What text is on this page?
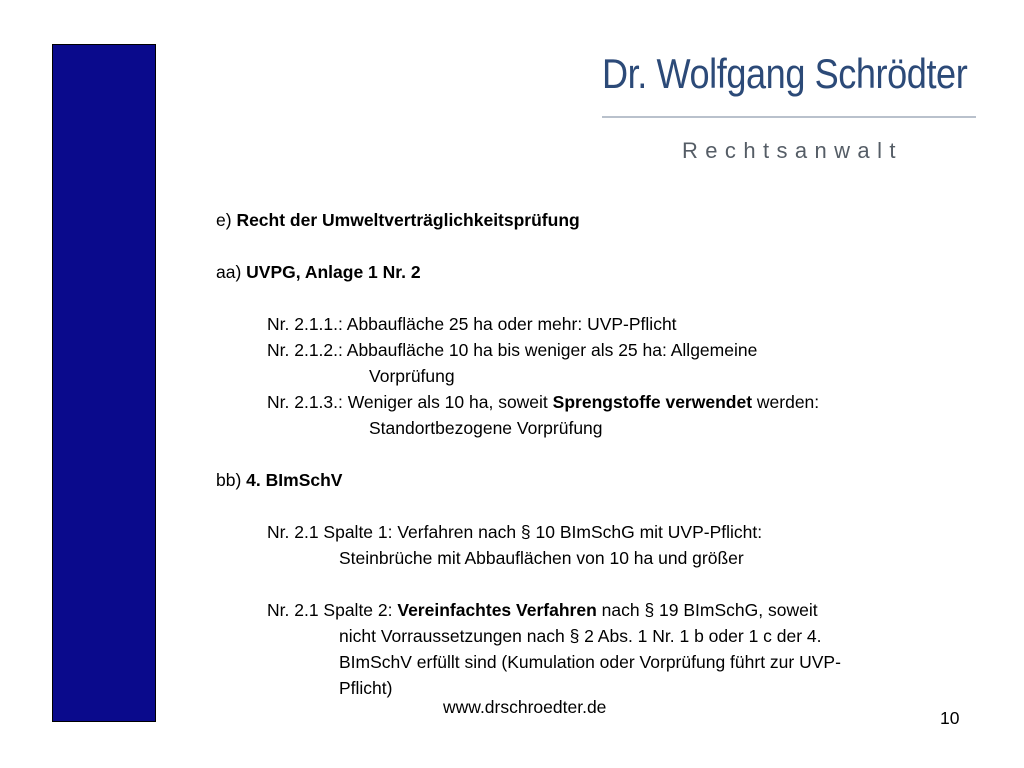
Dr. Wolfgang Schrödter
Rechtsanwalt
e) Recht der Umweltverträglichkeitsprüfung
aa) UVPG, Anlage 1 Nr. 2
Nr. 2.1.1.: Abbaufläche 25 ha oder mehr: UVP-Pflicht
Nr. 2.1.2.: Abbaufläche 10 ha bis weniger als 25 ha: Allgemeine
Vorprüfung
Nr. 2.1.3.: Weniger als 10 ha, soweit Sprengstoffe verwendet werden:
Standortbezogene Vorprüfung
bb) 4. BImSchV
Nr. 2.1 Spalte 1: Verfahren nach § 10 BImSchG mit UVP-Pflicht:
Steinbrüche mit Abbauflächen von 10 ha und größer
Nr. 2.1 Spalte 2: Vereinfachtes Verfahren nach § 19 BImSchG, soweit
nicht Vorraussetzungen nach § 2 Abs. 1 Nr. 1 b oder 1 c der 4.
BImSchV erfüllt sind (Kumulation oder Vorprüfung führt zur UVP-
Pflicht)
www.drschroedter.de
10
